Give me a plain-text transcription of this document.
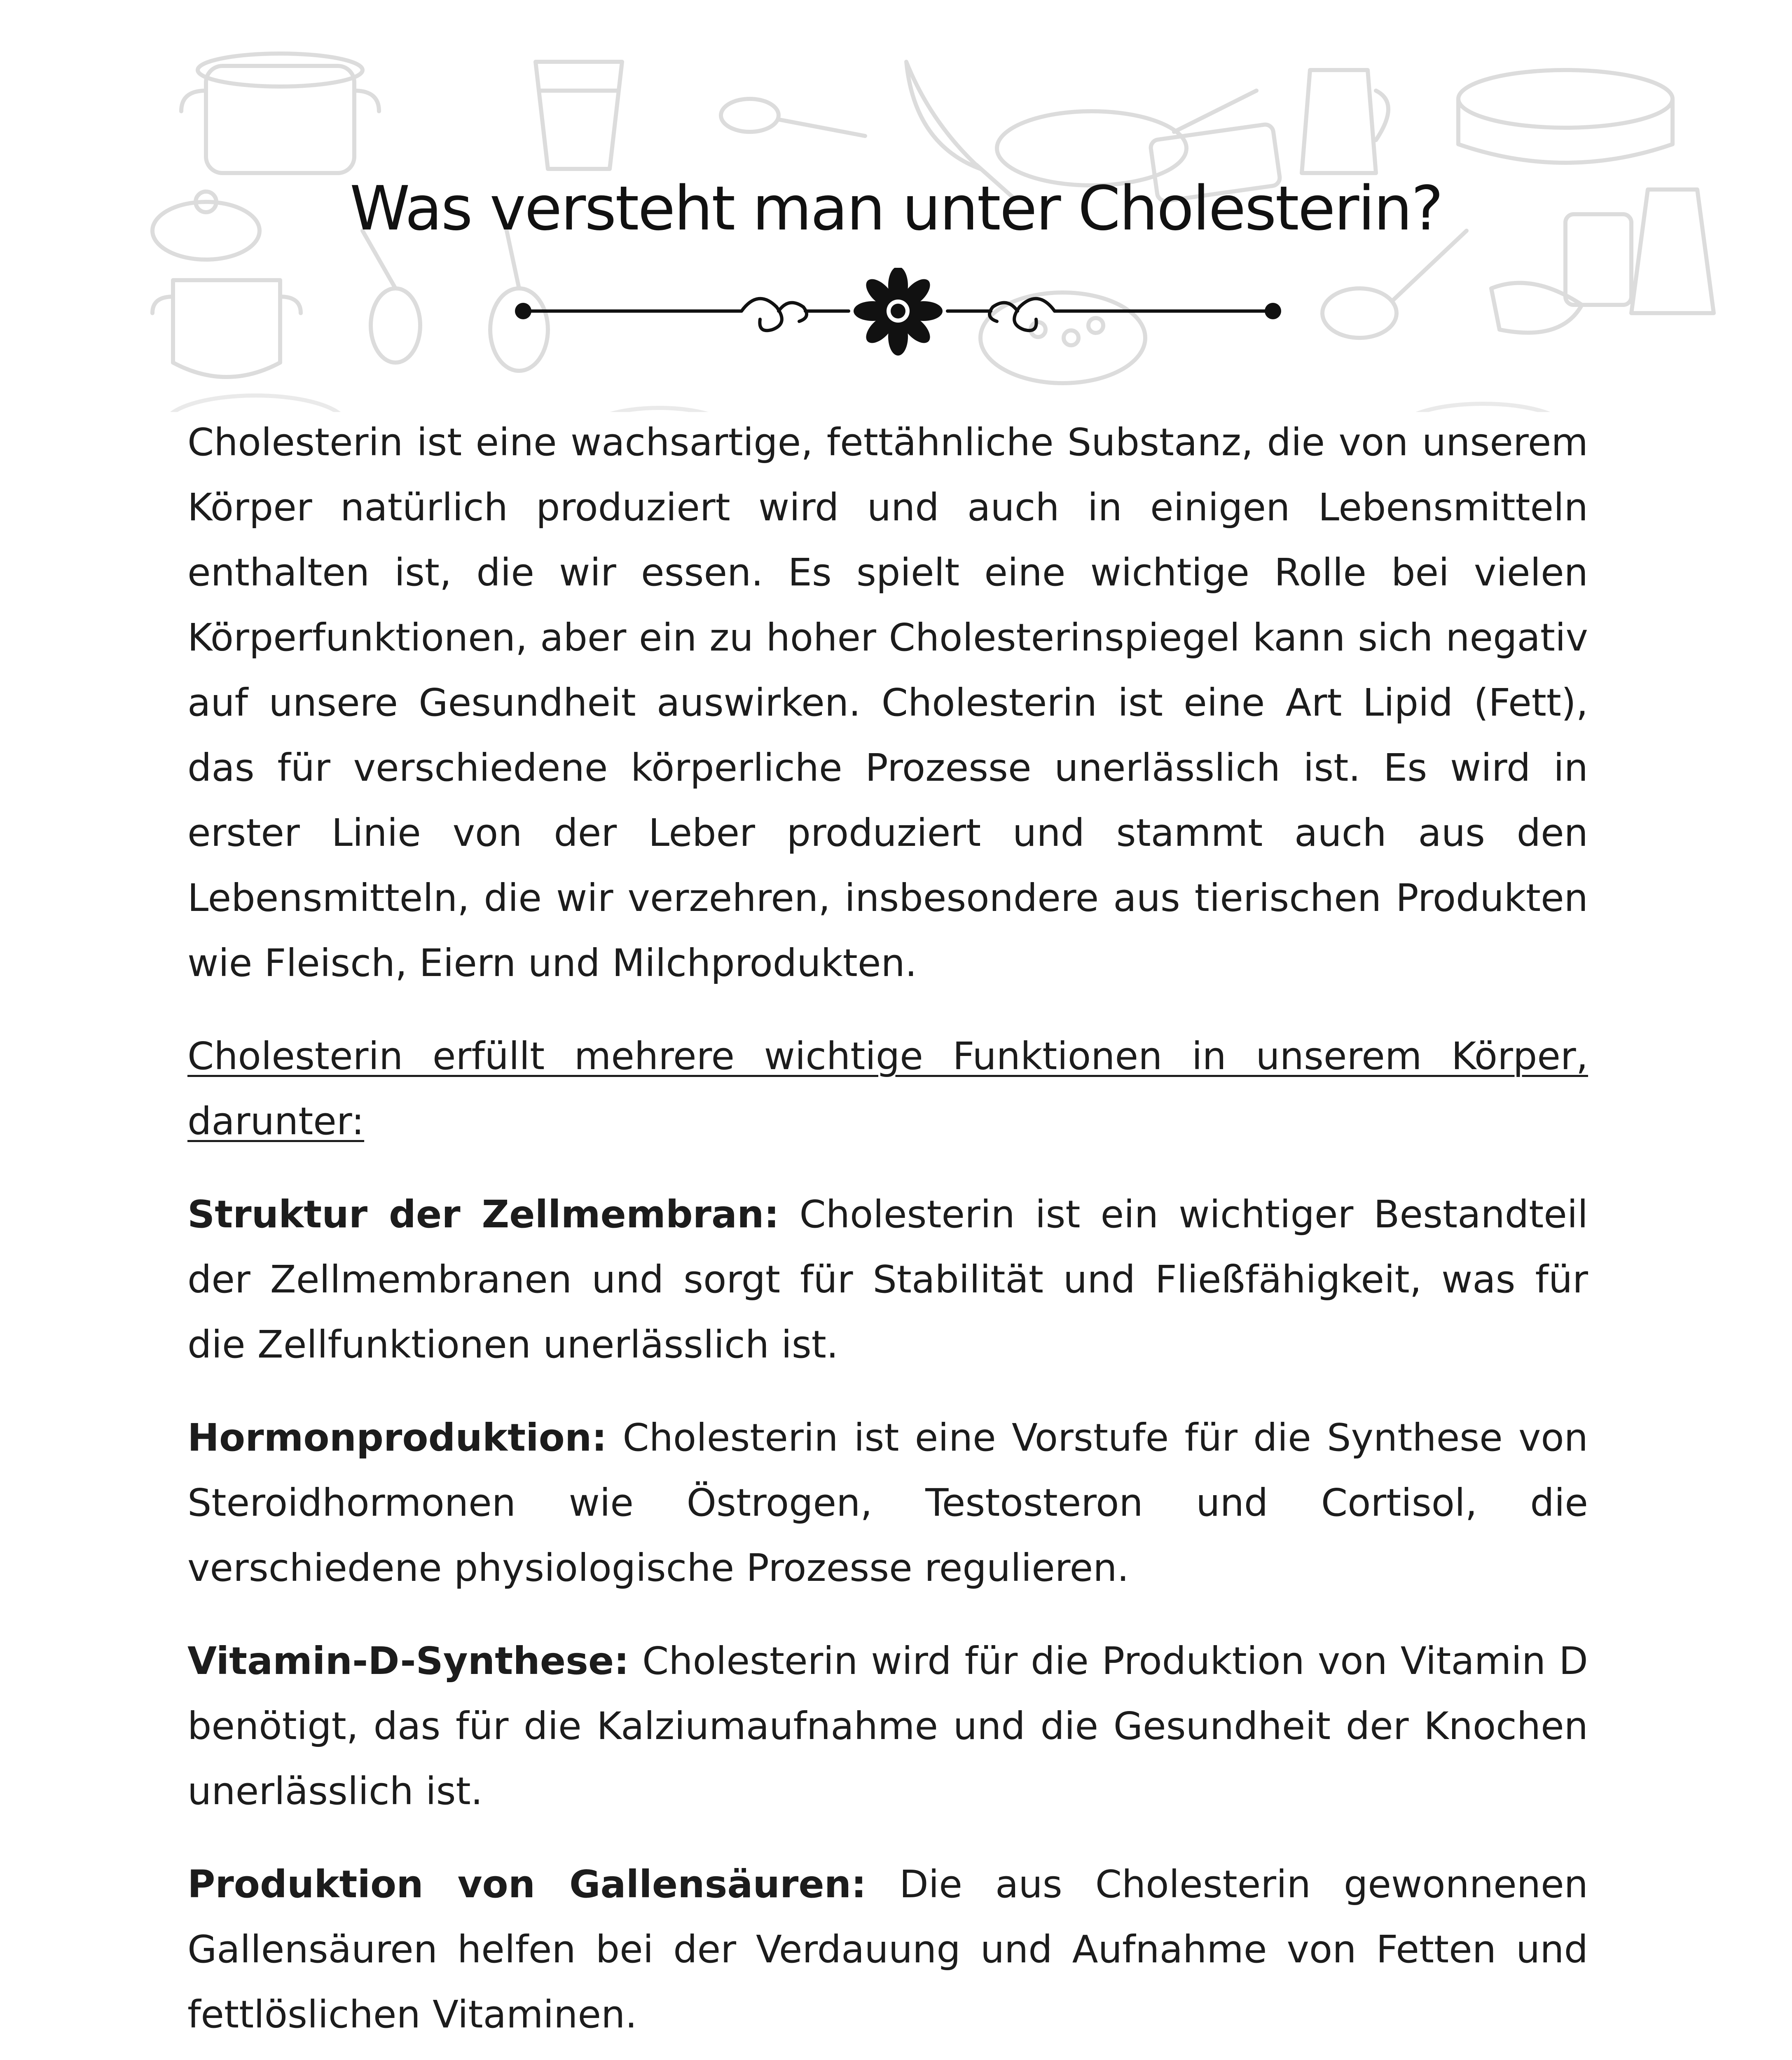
Was versteht man unter Cholesterin?

Cholesterin ist eine wachsartige, fettähnliche Substanz, die von unserem Körper natürlich produziert wird und auch in einigen Lebensmitteln enthalten ist, die wir essen. Es spielt eine wichtige Rolle bei vielen Körperfunktionen, aber ein zu hoher Cholesterinspiegel kann sich negativ auf unsere Gesundheit auswirken. Cholesterin ist eine Art Lipid (Fett), das für verschiedene körperliche Prozesse unerlässlich ist. Es wird in erster Linie von der Leber produziert und stammt auch aus den Lebensmitteln, die wir verzehren, insbesondere aus tierischen Produkten wie Fleisch, Eiern und Milchprodukten.

Cholesterin erfüllt mehrere wichtige Funktionen in unserem Körper, darunter:

Struktur der Zellmembran: Cholesterin ist ein wichtiger Bestandteil der Zellmembranen und sorgt für Stabilität und Fließfähigkeit, was für die Zellfunktionen unerlässlich ist.

Hormonproduktion: Cholesterin ist eine Vorstufe für die Synthese von Steroidhormonen wie Östrogen, Testosteron und Cortisol, die verschiedene physiologische Prozesse regulieren.

Vitamin-D-Synthese: Cholesterin wird für die Produktion von Vitamin D benötigt, das für die Kalziumaufnahme und die Gesundheit der Knochen unerlässlich ist.

Produktion von Gallensäuren: Die aus Cholesterin gewonnenen Gallensäuren helfen bei der Verdauung und Aufnahme von Fetten und fettlöslichen Vitaminen.
